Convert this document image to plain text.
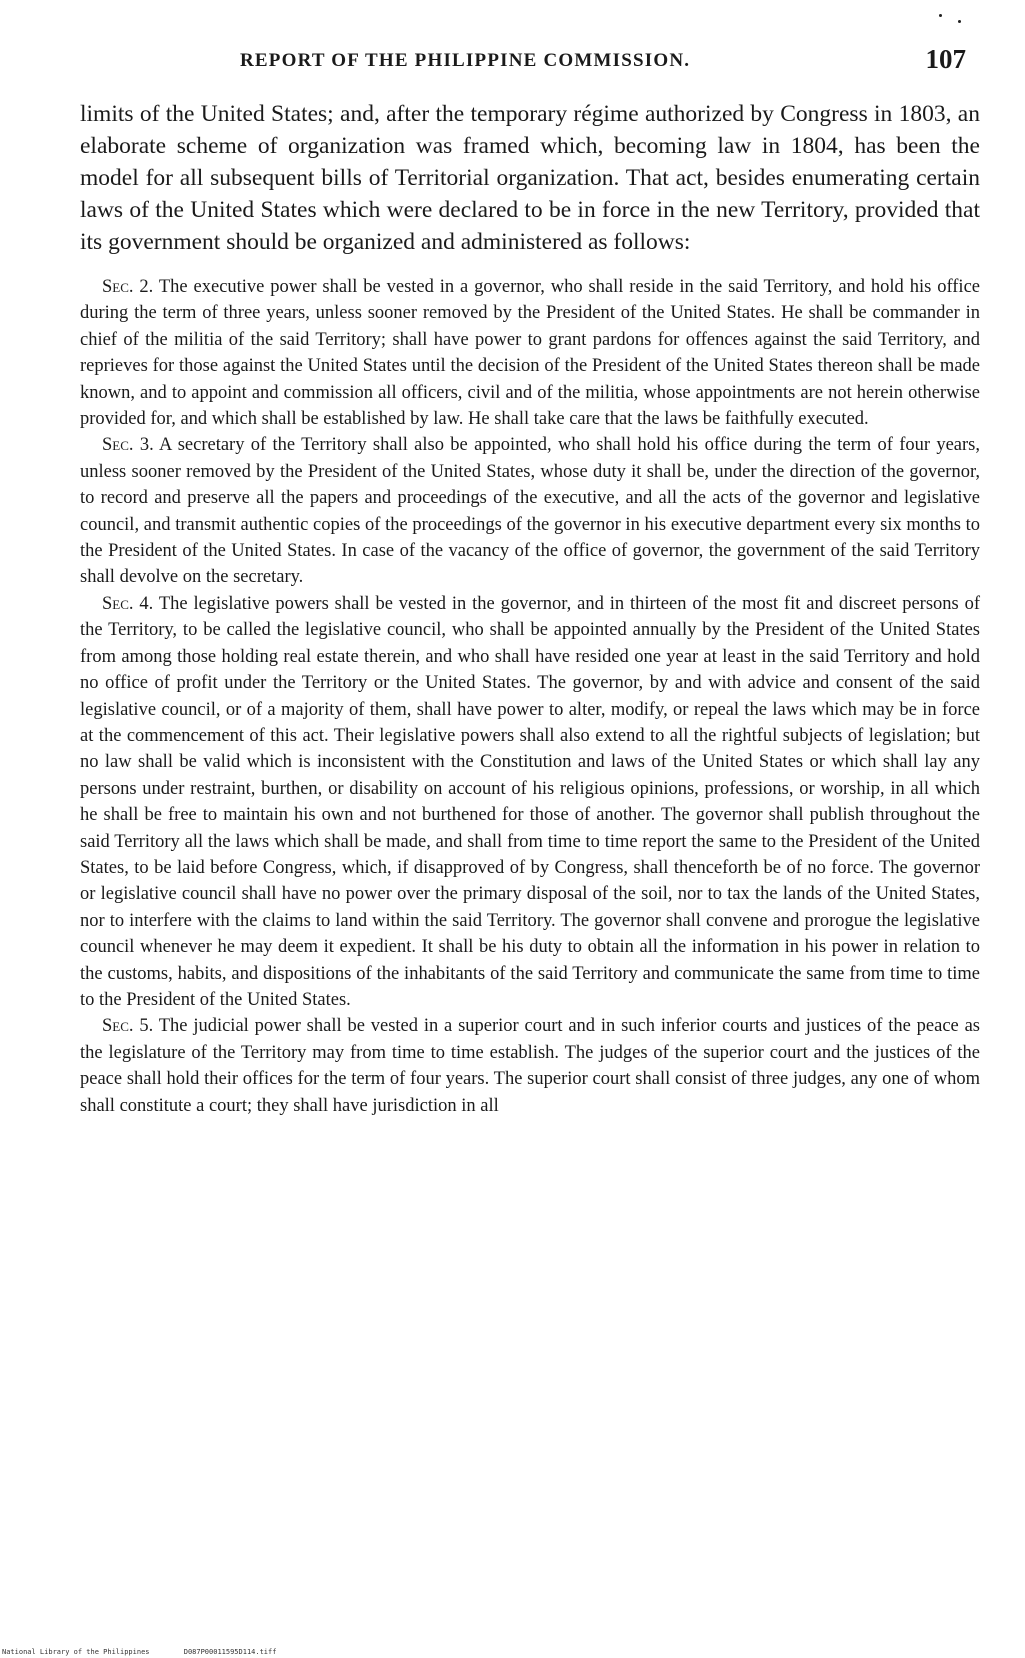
REPORT OF THE PHILIPPINE COMMISSION.	107

limits of the United States; and, after the temporary régime authorized by Congress in 1803, an elaborate scheme of organization was framed which, becoming law in 1804, has been the model for all subsequent bills of Territorial organization. That act, besides enumerating certain laws of the United States which were declared to be in force in the new Territory, provided that its government should be organized and administered as follows:

Sec. 2. The executive power shall be vested in a governor, who shall reside in the said Territory, and hold his office during the term of three years, unless sooner removed by the President of the United States. He shall be commander in chief of the militia of the said Territory; shall have power to grant pardons for offences against the said Territory, and reprieves for those against the United States until the decision of the President of the United States thereon shall be made known, and to appoint and commission all officers, civil and of the militia, whose appointments are not herein otherwise provided for, and which shall be established by law. He shall take care that the laws be faithfully executed.

Sec. 3. A secretary of the Territory shall also be appointed, who shall hold his office during the term of four years, unless sooner removed by the President of the United States, whose duty it shall be, under the direction of the governor, to record and preserve all the papers and proceedings of the executive, and all the acts of the governor and legislative council, and transmit authentic copies of the proceedings of the governor in his executive department every six months to the President of the United States. In case of the vacancy of the office of governor, the government of the said Territory shall devolve on the secretary.

Sec. 4. The legislative powers shall be vested in the governor, and in thirteen of the most fit and discreet persons of the Territory, to be called the legislative council, who shall be appointed annually by the President of the United States from among those holding real estate therein, and who shall have resided one year at least in the said Territory and hold no office of profit under the Territory or the United States. The governor, by and with advice and consent of the said legislative council, or of a majority of them, shall have power to alter, modify, or repeal the laws which may be in force at the commencement of this act. Their legislative powers shall also extend to all the rightful subjects of legislation; but no law shall be valid which is inconsistent with the Constitution and laws of the United States or which shall lay any persons under restraint, burthen, or disability on account of his religious opinions, professions, or worship, in all which he shall be free to maintain his own and not burthened for those of another. The governor shall publish throughout the said Territory all the laws which shall be made, and shall from time to time report the same to the President of the United States, to be laid before Congress, which, if disapproved of by Congress, shall thenceforth be of no force. The governor or legislative council shall have no power over the primary disposal of the soil, nor to tax the lands of the United States, nor to interfere with the claims to land within the said Territory. The governor shall convene and prorogue the legislative council whenever he may deem it expedient. It shall be his duty to obtain all the information in his power in relation to the customs, habits, and dispositions of the inhabitants of the said Territory and communicate the same from time to time to the President of the United States.

Sec. 5. The judicial power shall be vested in a superior court and in such inferior courts and justices of the peace as the legislature of the Territory may from time to time establish. The judges of the superior court and the justices of the peace shall hold their offices for the term of four years. The superior court shall consist of three judges, any one of whom shall constitute a court; they shall have jurisdiction in all

National Library of the Philippines	D087P00011595D114.tiff
